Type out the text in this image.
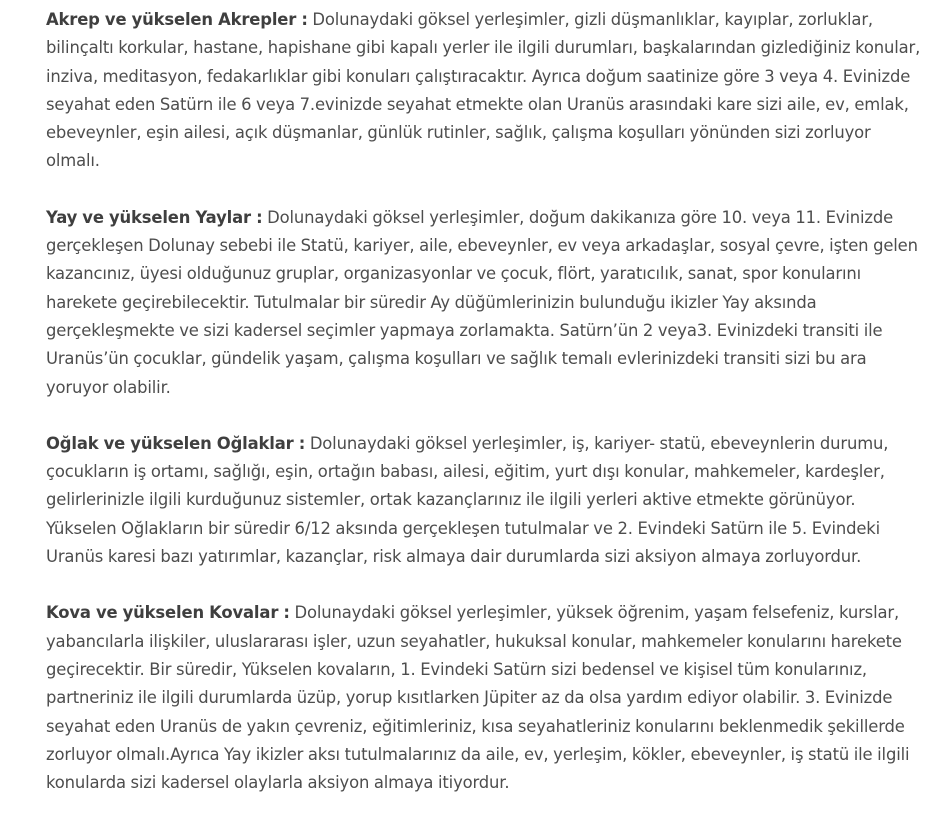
Akrep ve yükselen Akrepler : Dolunaydaki göksel yerleşimler, gizli düşmanlıklar, kayıplar, zorluklar,
bilinçaltı korkular, hastane, hapishane gibi kapalı yerler ile ilgili durumları, başkalarından gizlediğiniz konular,
inziva, meditasyon, fedakarlıklar gibi konuları çalıştıracaktır. Ayrıca doğum saatinize göre 3 veya 4. Evinizde
seyahat eden Satürn ile 6 veya 7.evinizde seyahat etmekte olan Uranüs arasındaki kare sizi aile, ev, emlak,
ebeveynler, eşin ailesi, açık düşmanlar, günlük rutinler, sağlık, çalışma koşulları yönünden sizi zorluyor
olmalı.

Yay ve yükselen Yaylar : Dolunaydaki göksel yerleşimler, doğum dakikanıza göre 10. veya 11. Evinizde
gerçekleşen Dolunay sebebi ile Statü, kariyer, aile, ebeveynler, ev veya arkadaşlar, sosyal çevre, işten gelen
kazancınız, üyesi olduğunuz gruplar, organizasyonlar ve çocuk, flört, yaratıcılık, sanat, spor konularını
harekete geçirebilecektir. Tutulmalar bir süredir Ay düğümlerinizin bulunduğu ikizler Yay aksında
gerçekleşmekte ve sizi kadersel seçimler yapmaya zorlamakta. Satürn’ün 2 veya3. Evinizdeki transiti ile
Uranüs’ün çocuklar, gündelik yaşam, çalışma koşulları ve sağlık temalı evlerinizdeki transiti sizi bu ara
yoruyor olabilir.

Oğlak ve yükselen Oğlaklar : Dolunaydaki göksel yerleşimler, iş, kariyer- statü, ebeveynlerin durumu,
çocukların iş ortamı, sağlığı, eşin, ortağın babası, ailesi, eğitim, yurt dışı konular, mahkemeler, kardeşler,
gelirlerinizle ilgili kurduğunuz sistemler, ortak kazançlarınız ile ilgili yerleri aktive etmekte görünüyor.
Yükselen Oğlakların bir süredir 6/12 aksında gerçekleşen tutulmalar ve 2. Evindeki Satürn ile 5. Evindeki
Uranüs karesi bazı yatırımlar, kazançlar, risk almaya dair durumlarda sizi aksiyon almaya zorluyordur.

Kova ve yükselen Kovalar : Dolunaydaki göksel yerleşimler, yüksek öğrenim, yaşam felsefeniz, kurslar,
yabancılarla ilişkiler, uluslararası işler, uzun seyahatler, hukuksal konular, mahkemeler konularını harekete
geçirecektir. Bir süredir, Yükselen kovaların, 1. Evindeki Satürn sizi bedensel ve kişisel tüm konularınız,
partneriniz ile ilgili durumlarda üzüp, yorup kısıtlarken Jüpiter az da olsa yardım ediyor olabilir. 3. Evinizde
seyahat eden Uranüs de yakın çevreniz, eğitimleriniz, kısa seyahatleriniz konularını beklenmedik şekillerde
zorluyor olmalı.Ayrıca Yay ikizler aksı tutulmalarınız da aile, ev, yerleşim, kökler, ebeveynler, iş statü ile ilgili
konularda sizi kadersel olaylarla aksiyon almaya itiyordur.
